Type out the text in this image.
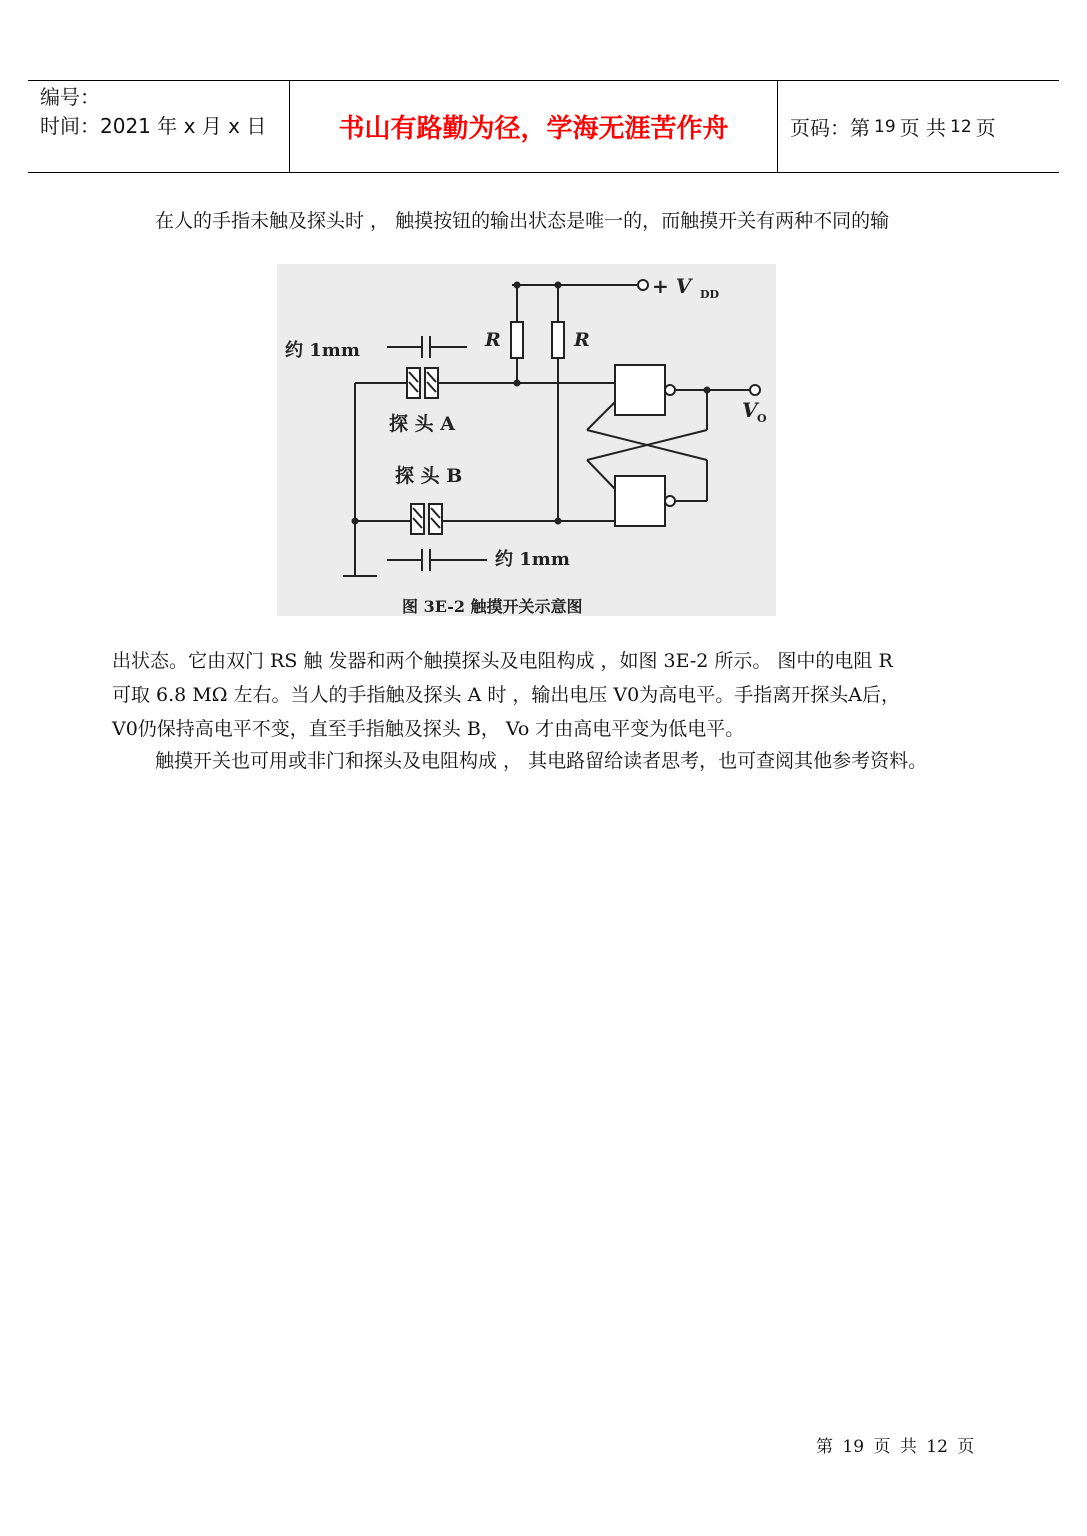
编号：
时间：2021 年 x 月 x 日	书山有路勤为径，学海无涯苦作舟	页码：第 19 页 共 12 页

在人的手指未触及探头时 ， 触摸按钮的输出状态是唯一的，而触摸开关有两种不同的输

+ V DD
R	R
约 1mm
探 头 A
探 头 B
约 1mm
V O
图 3E-2 触摸开关示意图

出状态。它由双门 RS 触 发器和两个触摸探头及电阻构成 ，如图 3E-2 所示。 图中的电阻 R

可取 6.8 MΩ 左右。当人的手指触及探头 A 时 ，输出电压 V0为高电平。手指离开探头A后，

V0仍保持高电平不变，直至手指触及探头 B， Vo 才由高电平变为低电平。

触摸开关也可用或非门和探头及电阻构成 ， 其电路留给读者思考，也可查阅其他参考资料。

第 19 页 共 12 页
